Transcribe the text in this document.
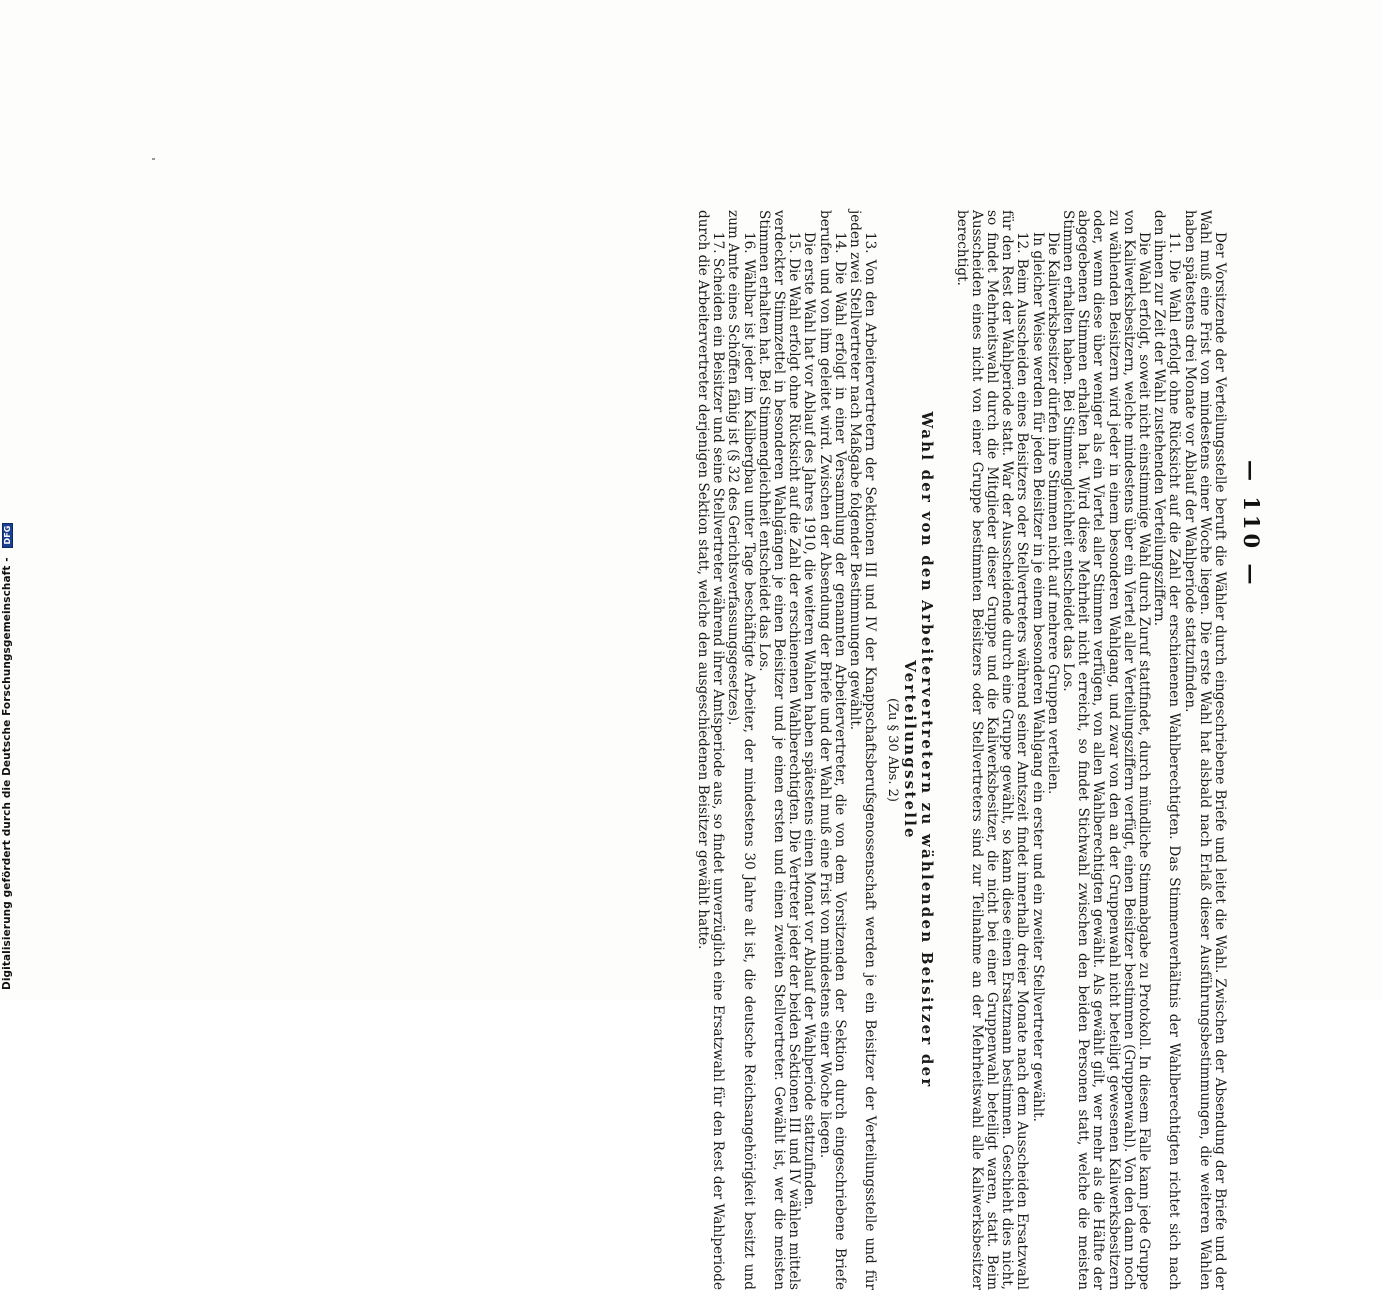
Digitalisierung gefördert durch die Deutsche Forschungsgemeinschaft - DFG	— 110 —

Der Vorsitzende der Verteilungsstelle beruft die Wähler durch eingeschriebene Briefe und leitet die Wahl. Zwischen der Absendung der Briefe und der Wahl muß eine Frist von mindestens einer Woche liegen. Die erste Wahl hat alsbald nach Erlaß dieser Ausführungsbestimmungen, die weiteren Wahlen haben spätestens drei Monate vor Ablauf der Wahlperiode stattzufinden.

11. Die Wahl erfolgt ohne Rücksicht auf die Zahl der erschienenen Wahlberechtigten. Das Stimmenverhältnis der Wahlberechtigten richtet sich nach den ihnen zur Zeit der Wahl zustehenden Verteilungsziffern.

Die Wahl erfolgt, soweit nicht einstimmige Wahl durch Zuruf stattfindet, durch mündliche Stimmabgabe zu Protokoll. In diesem Falle kann jede Gruppe von Kaliwerksbesitzern, welche mindestens über ein Viertel aller Verteilungsziffern verfügt, einen Beisitzer bestimmen (Gruppenwahl). Von den dann noch zu wählenden Beisitzern wird jeder in einem besonderen Wahlgang, und zwar von den an der Gruppenwahl nicht beteiligt gewesenen Kaliwerksbesitzern oder, wenn diese über weniger als ein Viertel aller Stimmen verfügen, von allen Wahlberechtigten gewählt. Als gewählt gilt, wer mehr als die Hälfte der abgegebenen Stimmen erhalten hat. Wird diese Mehrheit nicht erreicht, so findet Stichwahl zwischen den beiden Personen statt, welche die meisten Stimmen erhalten haben. Bei Stimmengleichheit entscheidet das Los.

Die Kaliwerksbesitzer dürfen ihre Stimmen nicht auf mehrere Gruppen verteilen.

In gleicher Weise werden für jeden Beisitzer in je einem besonderen Wahlgang ein erster und ein zweiter Stellvertreter gewählt.

12. Beim Ausscheiden eines Beisitzers oder Stellvertreters während seiner Amtszeit findet innerhalb dreier Monate nach dem Ausscheiden Ersatzwahl für den Rest der Wahlperiode statt. War der Ausscheidende durch eine Gruppe gewählt, so kann diese einen Ersatzmann bestimmen. Geschieht dies nicht, so findet Mehrheitswahl durch die Mitglieder dieser Gruppe und die Kaliwerksbesitzer, die nicht bei einer Gruppenwahl beteiligt waren, statt. Beim Ausscheiden eines nicht von einer Gruppe bestimmten Beisitzers oder Stellvertreters sind zur Teilnahme an der Mehrheitswahl alle Kaliwerksbesitzer berechtigt.

Wahl der von den Arbeitervertretern zu wählenden Beisitzer der Verteilungsstelle
(Zu § 30 Abs. 2)

13. Von den Arbeitervertretern der Sektionen III und IV der Knappschaftsberufsgenossenschaft werden je ein Beisitzer der Verteilungsstelle und für jeden zwei Stellvertreter nach Maßgabe folgender Bestimmungen gewählt.

14. Die Wahl erfolgt in einer Versammlung der genannten Arbeitervertreter, die von dem Vorsitzenden der Sektion durch eingeschriebene Briefe berufen und von ihm geleitet wird. Zwischen der Absendung der Briefe und der Wahl muß eine Frist von mindestens einer Woche liegen.

Die erste Wahl hat vor Ablauf des Jahres 1910, die weiteren Wahlen haben spätestens einen Monat vor Ablauf der Wahlperiode stattzufinden.

15. Die Wahl erfolgt ohne Rücksicht auf die Zahl der erschienenen Wahlberechtigten. Die Vertreter jeder der beiden Sektionen III und IV wählen mittels verdeckter Stimmzettel in besonderen Wahlgängen je einen Beisitzer und je einen ersten und einen zweiten Stellvertreter. Gewählt ist, wer die meisten Stimmen erhalten hat. Bei Stimmengleichheit entscheidet das Los.

16. Wählbar ist jeder im Kalibergbau unter Tage beschäftigte Arbeiter, der mindestens 30 Jahre alt ist, die deutsche Reichsangehörigkeit besitzt und zum Amte eines Schöffen fähig ist (§ 32 des Gerichtsverfassungsgesetzes).

17. Scheiden ein Beisitzer und seine Stellvertreter während ihrer Amtsperiode aus, so findet unverzüglich eine Ersatzwahl für den Rest der Wahlperiode durch die Arbeitervertreter derjenigen Sektion statt, welche den ausgeschiedenen Beisitzer gewählt hatte.
